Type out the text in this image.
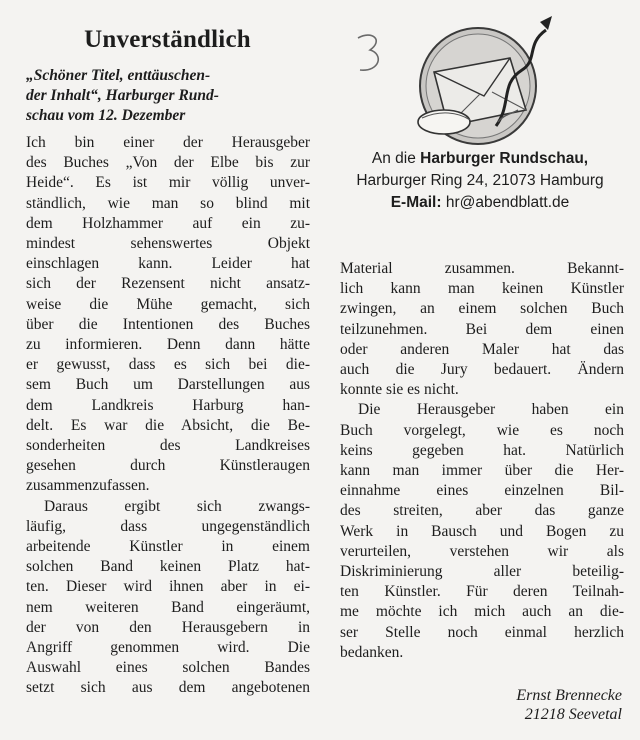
Unverständlich
„Schöner Titel, enttäuschen-
der Inhalt“, Harburger Rund-
schau vom 12. Dezember
An die Harburger Rundschau,
Harburger Ring 24, 21073 Hamburg
E-Mail: hr@abendblatt.de
Ich bin einer der Herausgeber
des Buches „Von der Elbe bis zur
Heide“. Es ist mir völlig unver-
ständlich, wie man so blind mit
dem Holzhammer auf ein zu-
mindest sehenswertes Objekt
einschlagen kann. Leider hat
sich der Rezensent nicht ansatz-
weise die Mühe gemacht, sich
über die Intentionen des Buches
zu informieren. Denn dann hätte
er gewusst, dass es sich bei die-
sem Buch um Darstellungen aus
dem Landkreis Harburg han-
delt. Es war die Absicht, die Be-
sonderheiten des Landkreises
gesehen durch Künstleraugen
zusammenzufassen.
Daraus ergibt sich zwangs-
läufig, dass ungegenständlich
arbeitende Künstler in einem
solchen Band keinen Platz hat-
ten. Dieser wird ihnen aber in ei-
nem weiteren Band eingeräumt,
der von den Herausgebern in
Angriff genommen wird. Die
Auswahl eines solchen Bandes
setzt sich aus dem angebotenen
Material zusammen. Bekannt-
lich kann man keinen Künstler
zwingen, an einem solchen Buch
teilzunehmen. Bei dem einen
oder anderen Maler hat das
auch die Jury bedauert. Ändern
konnte sie es nicht.
Die Herausgeber haben ein
Buch vorgelegt, wie es noch
keins gegeben hat. Natürlich
kann man immer über die Her-
einnahme eines einzelnen Bil-
des streiten, aber das ganze
Werk in Bausch und Bogen zu
verurteilen, verstehen wir als
Diskriminierung aller beteilig-
ten Künstler. Für deren Teilnah-
me möchte ich mich auch an die-
ser Stelle noch einmal herzlich
bedanken.
Ernst Brennecke
21218 Seevetal
